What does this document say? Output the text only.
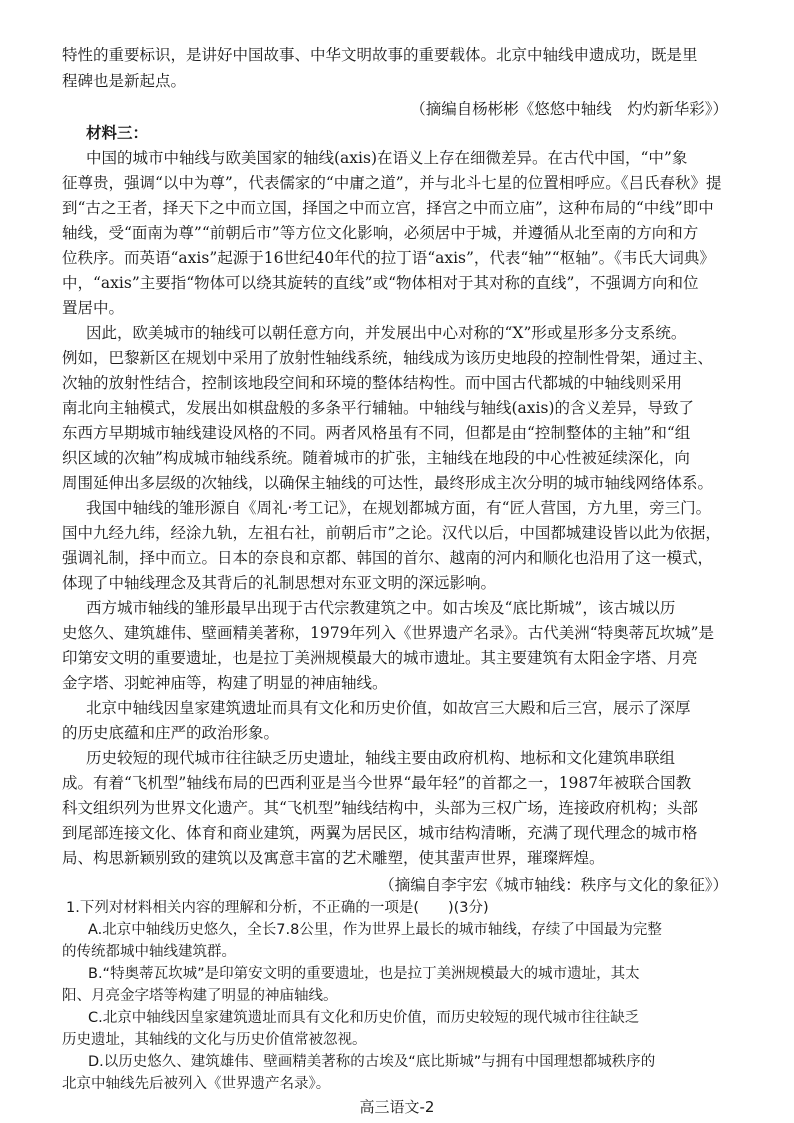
特性的重要标识，是讲好中国故事、中华文明故事的重要载体。北京中轴线申遗成功，既是里
程碑也是新起点。
（摘编自杨彬彬《悠悠中轴线　灼灼新华彩》）
材料三：
中国的城市中轴线与欧美国家的轴线(axis)在语义上存在细微差异。在古代中国，“中”象
征尊贵，强调“以中为尊”，代表儒家的“中庸之道”，并与北斗七星的位置相呼应。《吕氏春秋》提
到“古之王者，择天下之中而立国，择国之中而立宫，择宫之中而立庙”，这种布局的“中线”即中
轴线，受“面南为尊”“前朝后市”等方位文化影响，必须居中于城，并遵循从北至南的方向和方
位秩序。而英语“axis”起源于16世纪40年代的拉丁语“axis”，代表“轴”“枢轴”。《韦氏大词典》
中，“axis”主要指“物体可以绕其旋转的直线”或“物体相对于其对称的直线”，不强调方向和位
置居中。
因此，欧美城市的轴线可以朝任意方向，并发展出中心对称的“X”形或星形多分支系统。
例如，巴黎新区在规划中采用了放射性轴线系统，轴线成为该历史地段的控制性骨架，通过主、
次轴的放射性结合，控制该地段空间和环境的整体结构性。而中国古代都城的中轴线则采用
南北向主轴模式，发展出如棋盘般的多条平行辅轴。中轴线与轴线(axis)的含义差异，导致了
东西方早期城市轴线建设风格的不同。两者风格虽有不同，但都是由“控制整体的主轴”和“组
织区域的次轴”构成城市轴线系统。随着城市的扩张，主轴线在地段的中心性被延续深化，向
周围延伸出多层级的次轴线，以确保主轴线的可达性，最终形成主次分明的城市轴线网络体系。
我国中轴线的雏形源自《周礼·考工记》，在规划都城方面，有“匠人营国，方九里，旁三门。
国中九经九纬，经涂九轨，左祖右社，前朝后市”之论。汉代以后，中国都城建设皆以此为依据，
强调礼制，择中而立。日本的奈良和京都、韩国的首尔、越南的河内和顺化也沿用了这一模式，
体现了中轴线理念及其背后的礼制思想对东亚文明的深远影响。
西方城市轴线的雏形最早出现于古代宗教建筑之中。如古埃及“底比斯城”，该古城以历
史悠久、建筑雄伟、壁画精美著称，1979年列入《世界遗产名录》。古代美洲“特奥蒂瓦坎城”是
印第安文明的重要遗址，也是拉丁美洲规模最大的城市遗址。其主要建筑有太阳金字塔、月亮
金字塔、羽蛇神庙等，构建了明显的神庙轴线。
北京中轴线因皇家建筑遗址而具有文化和历史价值，如故宫三大殿和后三宫，展示了深厚
的历史底蕴和庄严的政治形象。
历史较短的现代城市往往缺乏历史遗址，轴线主要由政府机构、地标和文化建筑串联组
成。有着“飞机型”轴线布局的巴西利亚是当今世界“最年轻”的首都之一，1987年被联合国教
科文组织列为世界文化遗产。其“飞机型”轴线结构中，头部为三权广场，连接政府机构；头部
到尾部连接文化、体育和商业建筑，两翼为居民区，城市结构清晰，充满了现代理念的城市格
局、构思新颖别致的建筑以及寓意丰富的艺术雕塑，使其蜚声世界，璀璨辉煌。
（摘编自李宇宏《城市轴线：秩序与文化的象征》）
高三语文-2
1.下列对材料相关内容的理解和分析，不正确的一项是(　　)(3分)
A.北京中轴线历史悠久，全长7.8公里，作为世界上最长的城市轴线，存续了中国最为完整
的传统都城中轴线建筑群。
B.“特奥蒂瓦坎城”是印第安文明的重要遗址，也是拉丁美洲规模最大的城市遗址，其太
阳、月亮金字塔等构建了明显的神庙轴线。
C.北京中轴线因皇家建筑遗址而具有文化和历史价值，而历史较短的现代城市往往缺乏
历史遗址，其轴线的文化与历史价值常被忽视。
D.以历史悠久、建筑雄伟、壁画精美著称的古埃及“底比斯城”与拥有中国理想都城秩序的
北京中轴线先后被列入《世界遗产名录》。
